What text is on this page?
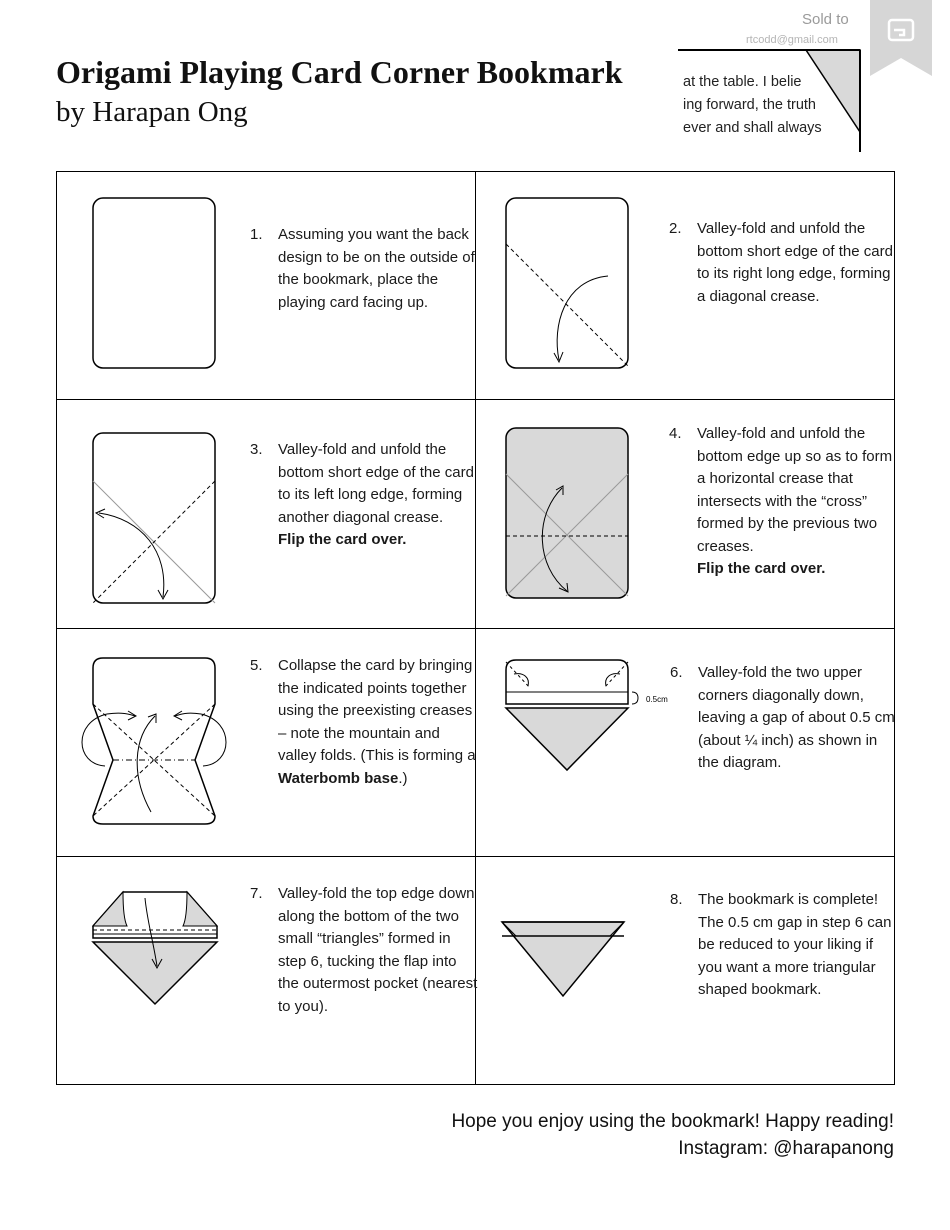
Origami Playing Card Corner Bookmark
by Harapan Ong
Sold to
rtcodd@gmail.com
at the table. I belie
ing forward, the truth
ever and shall always
1. Assuming you want the back design to be on the outside of the bookmark, place the playing card facing up.
2. Valley-fold and unfold the bottom short edge of the card to its right long edge, forming a diagonal crease.
3. Valley-fold and unfold the bottom short edge of the card to its left long edge, forming another diagonal crease.
Flip the card over.
4. Valley-fold and unfold the bottom edge up so as to form a horizontal crease that intersects with the “cross” formed by the previous two creases.
Flip the card over.
5. Collapse the card by bringing the indicated points together using the preexisting creases – note the mountain and valley folds. (This is forming a Waterbomb base.)
0.5cm
6. Valley-fold the two upper corners diagonally down, leaving a gap of about 0.5 cm (about ¼ inch) as shown in the diagram.
7. Valley-fold the top edge down along the bottom of the two small “triangles” formed in step 6, tucking the flap into the outermost pocket (nearest to you).
8. The bookmark is complete! The 0.5 cm gap in step 6 can be reduced to your liking if you want a more triangular shaped bookmark.
Hope you enjoy using the bookmark! Happy reading!
Instagram: @harapanong
